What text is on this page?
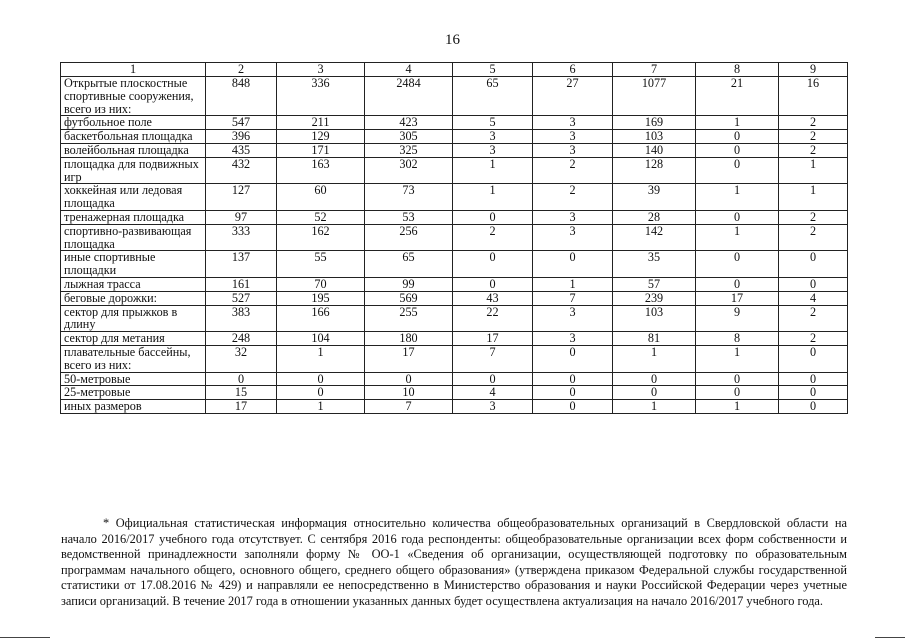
16
1	2	3	4	5	6	7	8	9
Открытые плоскостные спортивные сооружения, всего из них:	848	336	2484	65	27	1077	21	16
футбольное поле	547	211	423	5	3	169	1	2
баскетбольная площадка	396	129	305	3	3	103	0	2
волейбольная площадка	435	171	325	3	3	140	0	2
площадка для подвижных игр	432	163	302	1	2	128	0	1
хоккейная или ледовая площадка	127	60	73	1	2	39	1	1
тренажерная площадка	97	52	53	0	3	28	0	2
спортивно-развивающая площадка	333	162	256	2	3	142	1	2
иные спортивные площадки	137	55	65	0	0	35	0	0
лыжная трасса	161	70	99	0	1	57	0	0
беговые дорожки:	527	195	569	43	7	239	17	4
сектор для прыжков в длину	383	166	255	22	3	103	9	2
сектор для метания	248	104	180	17	3	81	8	2
плавательные бассейны, всего из них:	32	1	17	7	0	1	1	0
50-метровые	0	0	0	0	0	0	0	0
25-метровые	15	0	10	4	0	0	0	0
иных размеров	17	1	7	3	0	1	1	0
* Официальная статистическая информация относительно количества общеобразовательных организаций в Свердловской области на начало 2016/2017 учебного года отсутствует. С сентября 2016 года респонденты: общеобразовательные организации всех форм собственности и ведомственной принадлежности заполняли форму № ОО-1 «Сведения об организации, осуществляющей подготовку по образовательным программам начального общего, основного общего, среднего общего образования» (утверждена приказом Федеральной службы государственной статистики от 17.08.2016 № 429) и направляли ее непосредственно в Министерство образования и науки Российской Федерации через учетные записи организаций. В течение 2017 года в отношении указанных данных будет осуществлена актуализация на начало 2016/2017 учебного года.
